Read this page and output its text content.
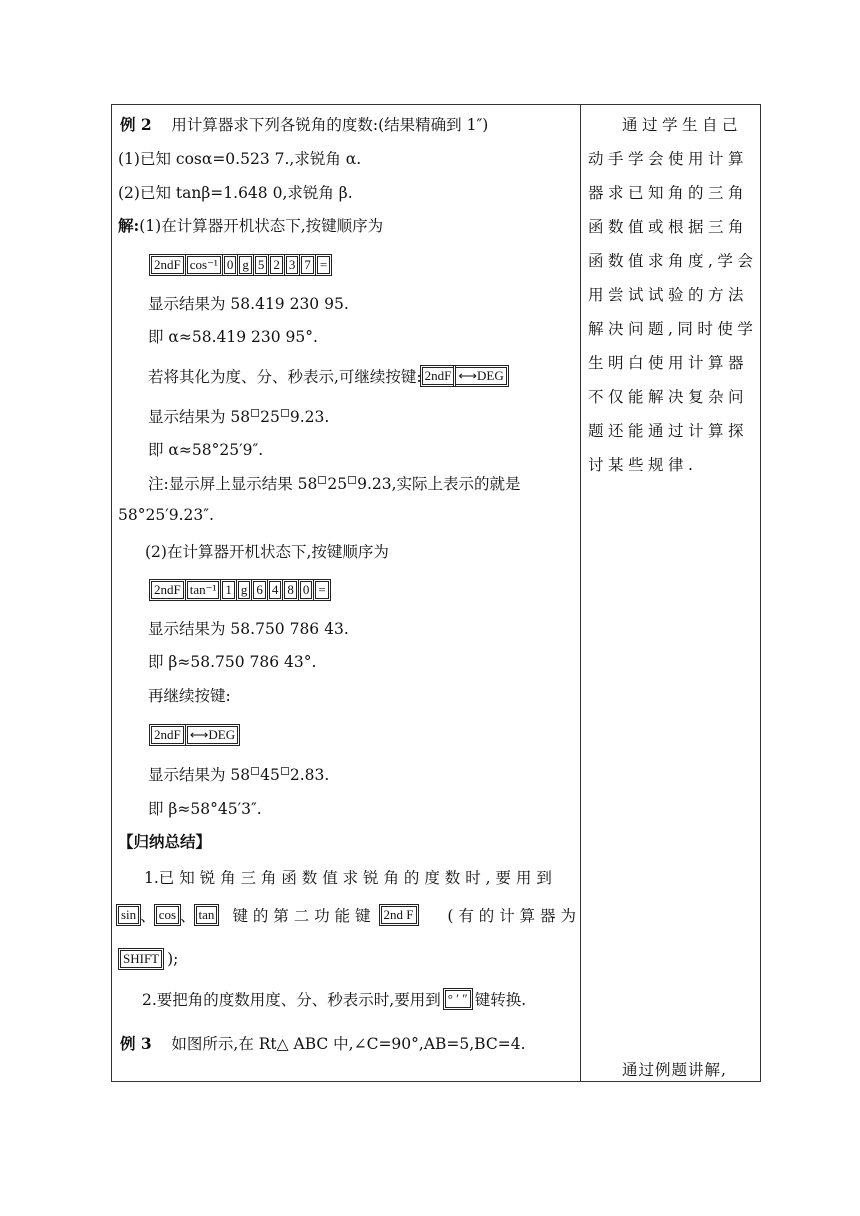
例 2 用计算器求下列各锐角的度数:(结果精确到 1″)
(1)已知 cosα=0.523 7.,求锐角 α.
(2)已知 tanβ=1.648 0,求锐角 β.
解:(1)在计算器开机状态下,按键顺序为
2ndF cos⁻¹ 0 g 5 2 3 7 =
显示结果为 58.419 230 95.
即 α≈58.419 230 95°.
若将其化为度、分、秒表示,可继续按键: 2ndF ⟷DEG
显示结果为 58 25 9.23.
即 α≈58°25′9″.
注:显示屏上显示结果 58 25 9.23,实际上表示的就是
58°25′9.23″.
(2)在计算器开机状态下,按键顺序为
2ndF tan⁻¹ 1 g 6 4 8 0 =
显示结果为 58.750 786 43.
即 β≈58.750 786 43°.
再继续按键:
2ndF ⟷DEG
显示结果为 58 45 2.83.
即 β≈58°45′3″.
【归纳总结】
1.已 知 锐 角 三 角 函 数 值 求 锐 角 的 度 数 时 , 要 用 到
sin 、 cos 、 tan 键 的 第 二 功 能 键 2nd F ( 有 的 计 算 器 为
SHIFT );
2.要把角的度数用度、分、秒表示时,要用到 ° ′ ″ 键转换.
例 3 如图所示,在 Rt△ ABC 中,∠C=90°,AB=5,BC=4.
通过学生自己
动手学会使用计算
器求已知角的三角
函数值或根据三角
函数值求角度,学会
用尝试试验的方法
解决问题,同时使学
生明白使用计算器
不仅能解决复杂问
题还能通过计算探
讨某些规律.
通过例题讲解,
